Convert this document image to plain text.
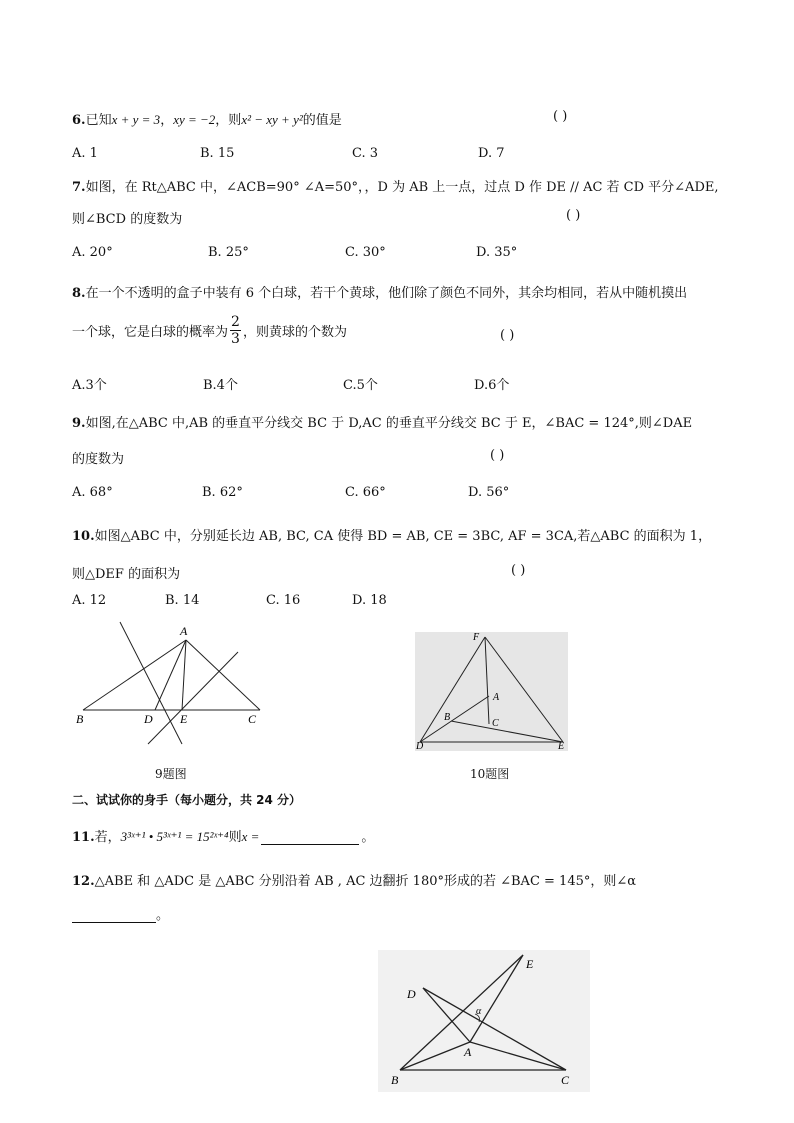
6.已知x + y = 3，xy = −2，则x² − xy + y²的值是	( )
A. 1	B. 15	C. 3	D. 7
7.如图，在 Rt△ABC 中，∠ACB=90° ∠A=50°，，D 为 AB 上一点，过点 D 作 DE // AC 若 CD 平分∠ADE,
则∠BCD 的度数为	( )
A. 20°	B. 25°	C. 30°	D. 35°
8.在一个不透明的盒子中装有 6 个白球，若干个黄球，他们除了颜色不同外，其余均相同，若从中随机摸出
一个球，它是白球的概率为 $\frac{2}{3}$ ，则黄球的个数为	( )
A.3个	B.4个	C.5个	D.6个
9.如图,在△ABC 中,AB 的垂直平分线交 BC 于 D,AC 的垂直平分线交 BC 于 E，∠BAC = 124°,则∠DAE
的度数为	( )
A. 68°	B. 62°	C. 66°	D. 56°
10.如图△ABC 中，分别延长边 AB, BC, CA 使得 BD = AB, CE = 3BC, AF = 3CA,若△ABC 的面积为 1，
则△DEF 的面积为	( )
A. 12	B. 14	C. 16	D. 18
A
B	D E	C
9题图
F
A
B
C
D	E
10题图
二、试试你的身手（每小题分，共 24 分）
11.若，3³ˣ⁺¹ • 5³ˣ⁺¹ = 15²ˣ⁺⁴则x =	。
12.△ABE 和 △ADC 是 △ABC 分别沿着 AB , AC 边翻折 180°形成的若 ∠BAC = 145°，则∠α
。
E
D
α
A
B	C
